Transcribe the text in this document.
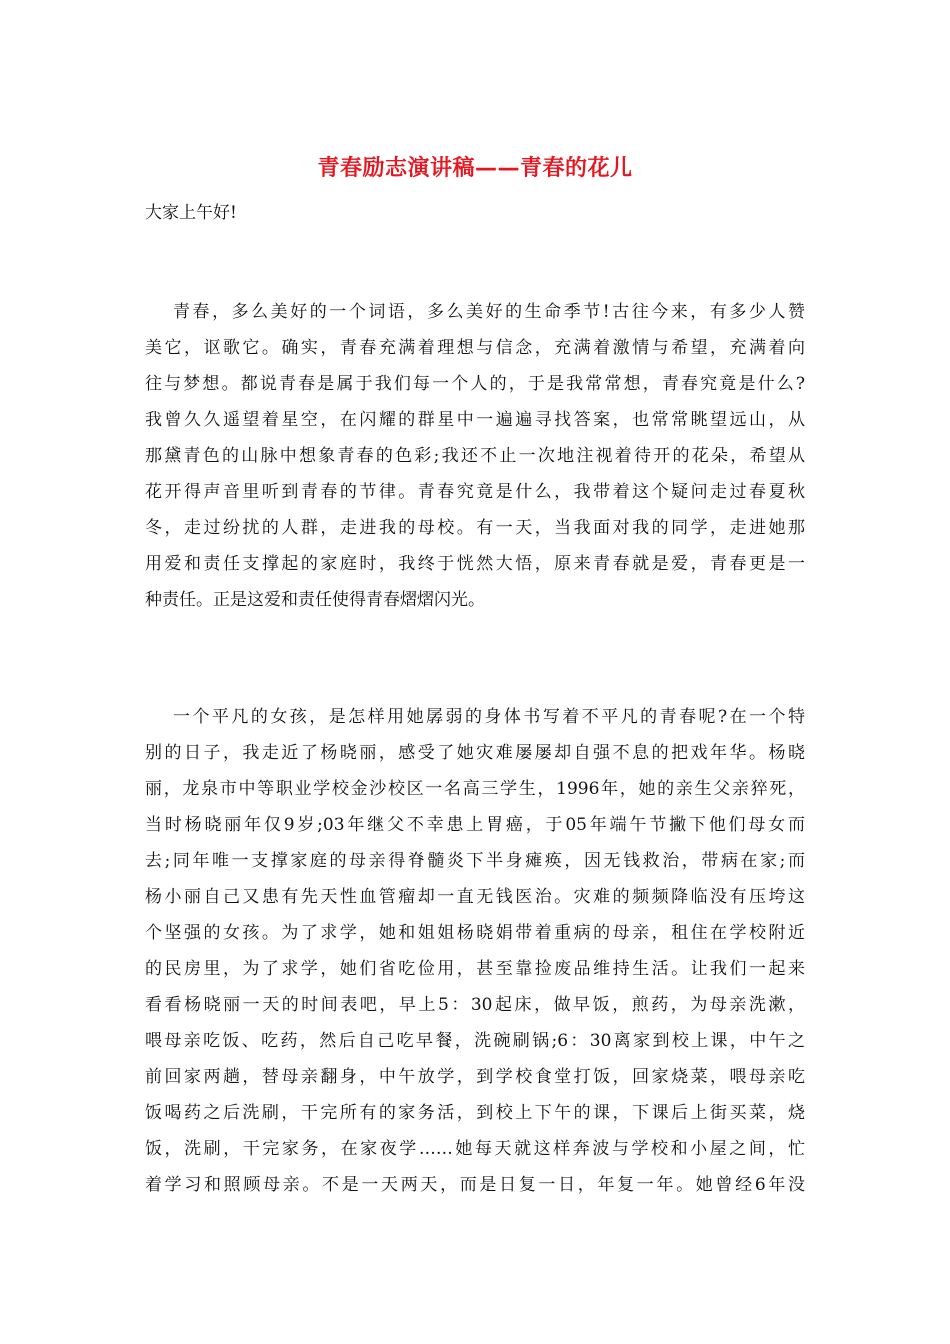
青春励志演讲稿——青春的花儿
大家上午好!
青春，多么美好的一个词语，多么美好的生命季节!古往今来，有多少人赞
美它，讴歌它。确实，青春充满着理想与信念，充满着激情与希望，充满着向
往与梦想。都说青春是属于我们每一个人的，于是我常常想，青春究竟是什么?
我曾久久遥望着星空，在闪耀的群星中一遍遍寻找答案，也常常眺望远山，从
那黛青色的山脉中想象青春的色彩;我还不止一次地注视着待开的花朵，希望从
花开得声音里听到青春的节律。青春究竟是什么，我带着这个疑问走过春夏秋
冬，走过纷扰的人群，走进我的母校。有一天，当我面对我的同学，走进她那
用爱和责任支撑起的家庭时，我终于恍然大悟，原来青春就是爱，青春更是一
种责任。正是这爱和责任使得青春熠熠闪光。
一个平凡的女孩，是怎样用她孱弱的身体书写着不平凡的青春呢?在一个特
别的日子，我走近了杨晓丽，感受了她灾难屡屡却自强不息的把戏年华。杨晓
丽，龙泉市中等职业学校金沙校区一名高三学生，1996年，她的亲生父亲猝死，
当时杨晓丽年仅9岁;03年继父不幸患上胃癌，于05年端午节撇下他们母女而
去;同年唯一支撑家庭的母亲得脊髓炎下半身瘫痪，因无钱救治，带病在家;而
杨小丽自己又患有先天性血管瘤却一直无钱医治。灾难的频频降临没有压垮这
个坚强的女孩。为了求学，她和姐姐杨晓娟带着重病的母亲，租住在学校附近
的民房里，为了求学，她们省吃俭用，甚至靠捡废品维持生活。让我们一起来
看看杨晓丽一天的时间表吧，早上5：30起床，做早饭，煎药，为母亲洗漱，
喂母亲吃饭、吃药，然后自己吃早餐，洗碗刷锅;6：30离家到校上课，中午之
前回家两趟，替母亲翻身，中午放学，到学校食堂打饭，回家烧菜，喂母亲吃
饭喝药之后洗刷，干完所有的家务活，到校上下午的课，下课后上街买菜，烧
饭，洗刷，干完家务，在家夜学……她每天就这样奔波与学校和小屋之间，忙
着学习和照顾母亲。不是一天两天，而是日复一日，年复一年。她曾经6年没
